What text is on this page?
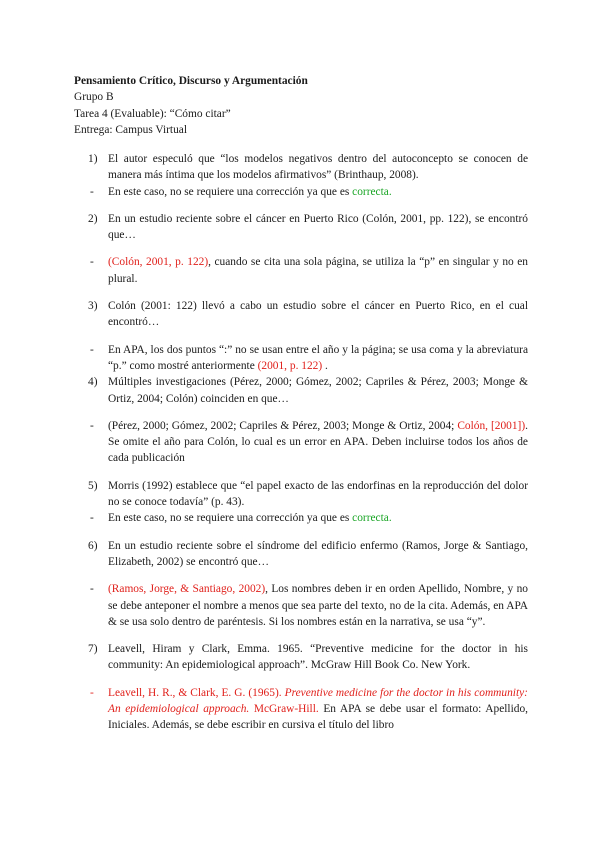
Pensamiento Crítico, Discurso y Argumentación
Grupo B
Tarea 4 (Evaluable): “Cómo citar”
Entrega: Campus Virtual
1) El autor especuló que “los modelos negativos dentro del autoconcepto se conocen de manera más íntima que los modelos afirmativos” (Brinthaup, 2008).
- En este caso, no se requiere una corrección ya que es correcta.
2) En un estudio reciente sobre el cáncer en Puerto Rico (Colón, 2001, pp. 122), se encontró que…
- (Colón, 2001, p. 122), cuando se cita una sola página, se utiliza la “p” en singular y no en plural.
3) Colón (2001: 122) llevó a cabo un estudio sobre el cáncer en Puerto Rico, en el cual encontró…
- En APA, los dos puntos “:” no se usan entre el año y la página; se usa coma y la abreviatura “p.” como mostré anteriormente (2001, p. 122) .
4) Múltiples investigaciones (Pérez, 2000; Gómez, 2002; Capriles & Pérez, 2003; Monge & Ortiz, 2004; Colón) coinciden en que…
- (Pérez, 2000; Gómez, 2002; Capriles & Pérez, 2003; Monge & Ortiz, 2004; Colón, [2001]). Se omite el año para Colón, lo cual es un error en APA. Deben incluirse todos los años de cada publicación
5) Morris (1992) establece que “el papel exacto de las endorfinas en la reproducción del dolor no se conoce todavía” (p. 43).
- En este caso, no se requiere una corrección ya que es correcta.
6) En un estudio reciente sobre el síndrome del edificio enfermo (Ramos, Jorge & Santiago, Elizabeth, 2002) se encontró que…
- (Ramos, Jorge, & Santiago, 2002), Los nombres deben ir en orden Apellido, Nombre, y no se debe anteponer el nombre a menos que sea parte del texto, no de la cita. Además, en APA & se usa solo dentro de paréntesis. Si los nombres están en la narrativa, se usa “y”.
7) Leavell, Hiram y Clark, Emma. 1965. “Preventive medicine for the doctor in his community: An epidemiological approach”. McGraw Hill Book Co. New York.
- Leavell, H. R., & Clark, E. G. (1965). Preventive medicine for the doctor in his community: An epidemiological approach. McGraw-Hill. En APA se debe usar el formato: Apellido, Iniciales. Además, se debe escribir en cursiva el título del libro
